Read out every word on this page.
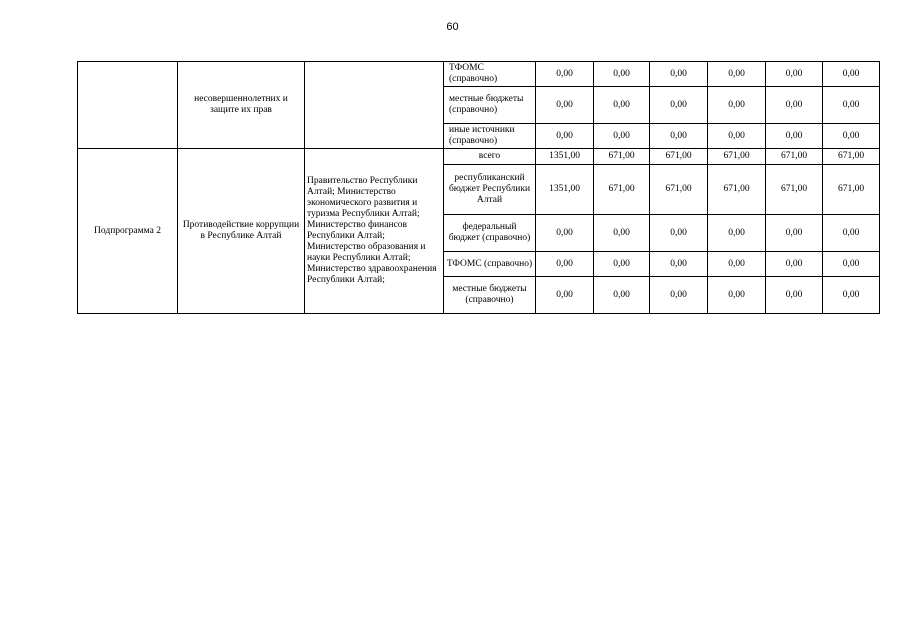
60
	несовершеннолетних и защите их прав		ТФОМС (справочно)	0,00	0,00	0,00	0,00	0,00	0,00
			местные бюджеты (справочно)	0,00	0,00	0,00	0,00	0,00	0,00
			иные источники (справочно)	0,00	0,00	0,00	0,00	0,00	0,00
Подпрограмма 2	Противодействие коррупции в Республике Алтай	Правительство Республики Алтай; Министерство экономического развития и туризма Республики Алтай; Министерство финансов Республики Алтай; Министерство образования и науки Республики Алтай; Министерство здравоохранения Республики Алтай;	всего	1351,00	671,00	671,00	671,00	671,00	671,00
			республиканский бюджет Республики Алтай	1351,00	671,00	671,00	671,00	671,00	671,00
			федеральный бюджет (справочно)	0,00	0,00	0,00	0,00	0,00	0,00
			ТФОМС (справочно)	0,00	0,00	0,00	0,00	0,00	0,00
			местные бюджеты (справочно)	0,00	0,00	0,00	0,00	0,00	0,00
